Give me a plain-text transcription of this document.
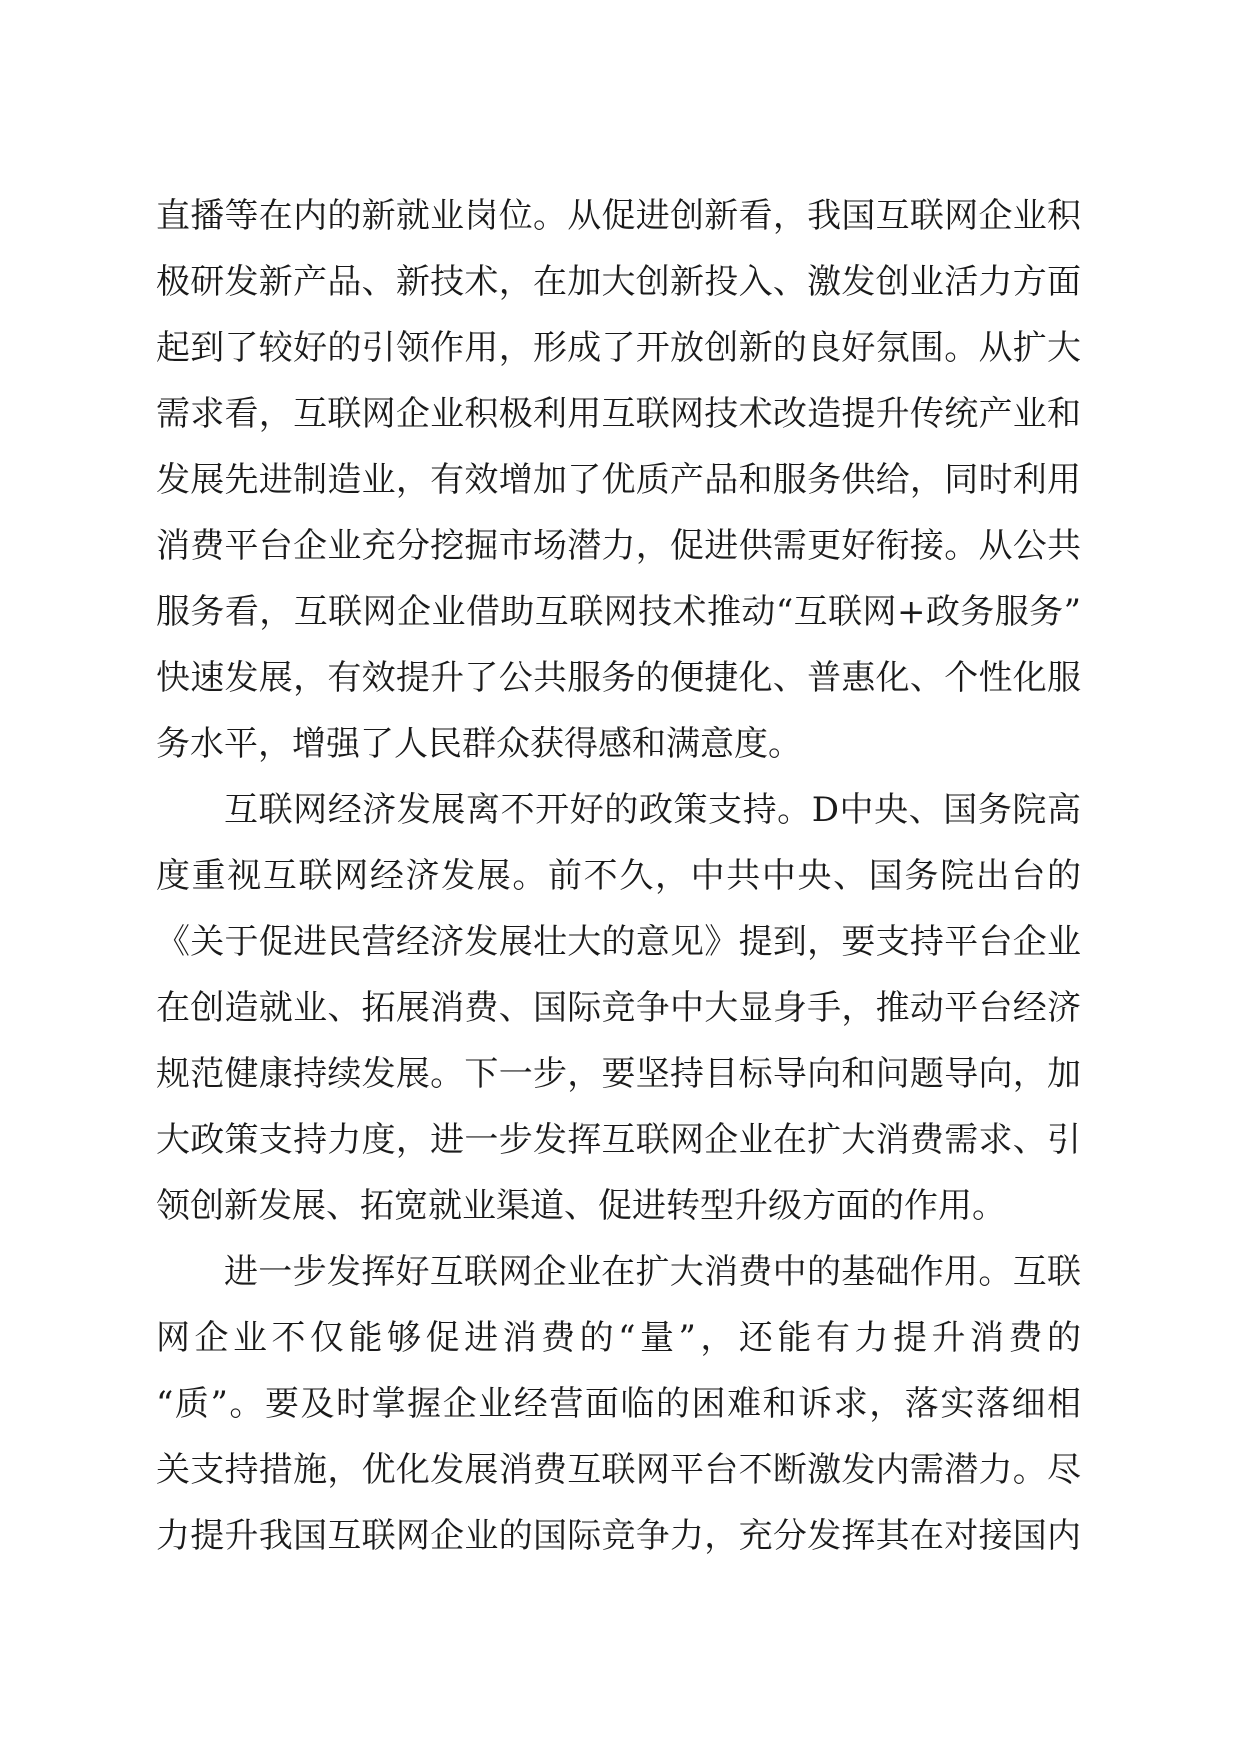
直播等在内的新就业岗位。从促进创新看，我国互联网企业积
极研发新产品、新技术，在加大创新投入、激发创业活力方面
起到了较好的引领作用，形成了开放创新的良好氛围。从扩大
需求看，互联网企业积极利用互联网技术改造提升传统产业和
发展先进制造业，有效增加了优质产品和服务供给，同时利用
消费平台企业充分挖掘市场潜力，促进供需更好衔接。从公共
服务看，互联网企业借助互联网技术推动“互联网+政务服务”
快速发展，有效提升了公共服务的便捷化、普惠化、个性化服
务水平，增强了人民群众获得感和满意度。
互联网经济发展离不开好的政策支持。D中央、国务院高
度重视互联网经济发展。前不久，中共中央、国务院出台的
《关于促进民营经济发展壮大的意见》提到，要支持平台企业
在创造就业、拓展消费、国际竞争中大显身手，推动平台经济
规范健康持续发展。下一步，要坚持目标导向和问题导向，加
大政策支持力度，进一步发挥互联网企业在扩大消费需求、引
领创新发展、拓宽就业渠道、促进转型升级方面的作用。
进一步发挥好互联网企业在扩大消费中的基础作用。互联
网企业不仅能够促进消费的“量”，还能有力提升消费的
“质”。要及时掌握企业经营面临的困难和诉求，落实落细相
关支持措施，优化发展消费互联网平台不断激发内需潜力。尽
力提升我国互联网企业的国际竞争力，充分发挥其在对接国内
